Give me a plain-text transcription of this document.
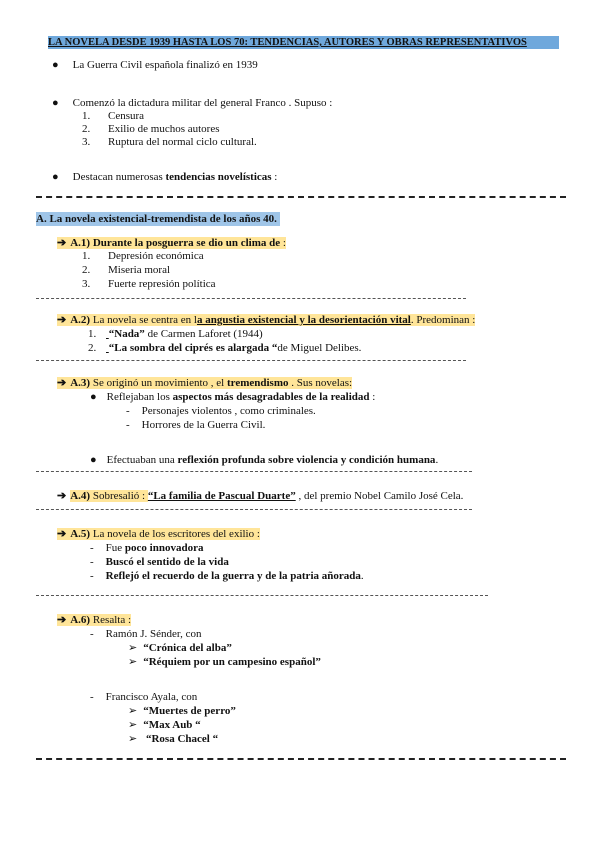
LA NOVELA DESDE 1939 HASTA LOS 70: TENDENCIAS, AUTORES Y OBRAS REPRESENTATIVOS
● La Guerra Civil española finalizó en 1939
● Comenzó la dictadura militar del general Franco . Supuso :
1. Censura
2. Exilio de muchos autores
3. Ruptura del normal ciclo cultural.
● Destacan numerosas tendencias novelísticas :
A. La novela existencial-tremendista de los años 40.
➔ A.1) Durante la posguerra se dio un clima de :
1. Depresión económica
2. Miseria moral
3. Fuerte represión política
➔ A.2) La novela se centra en la angustia existencial y la desorientación vital. Predominan :
1. “Nada” de Carmen Laforet (1944)
2. “La sombra del ciprés es alargada “de Miguel Delibes.
➔ A.3) Se originó un movimiento , el tremendismo . Sus novelas:
● Reflejaban los aspectos más desagradables de la realidad :
- Personajes violentos , como criminales.
- Horrores de la Guerra Civil.
● Efectuaban una reflexión profunda sobre violencia y condición humana.
➔ A.4) Sobresalió : “La familia de Pascual Duarte” , del premio Nobel Camilo José Cela.
➔ A.5) La novela de los escritores del exilio :
- Fue poco innovadora
- Buscó el sentido de la vida
- Reflejó el recuerdo de la guerra y de la patria añorada.
➔ A.6) Resalta :
- Ramón J. Sénder, con
➢ “Crónica del alba”
➢ “Réquiem por un campesino español”
- Francisco Ayala, con
➢ “Muertes de perro”
➢ “Max Aub “
➢ “Rosa Chacel “
